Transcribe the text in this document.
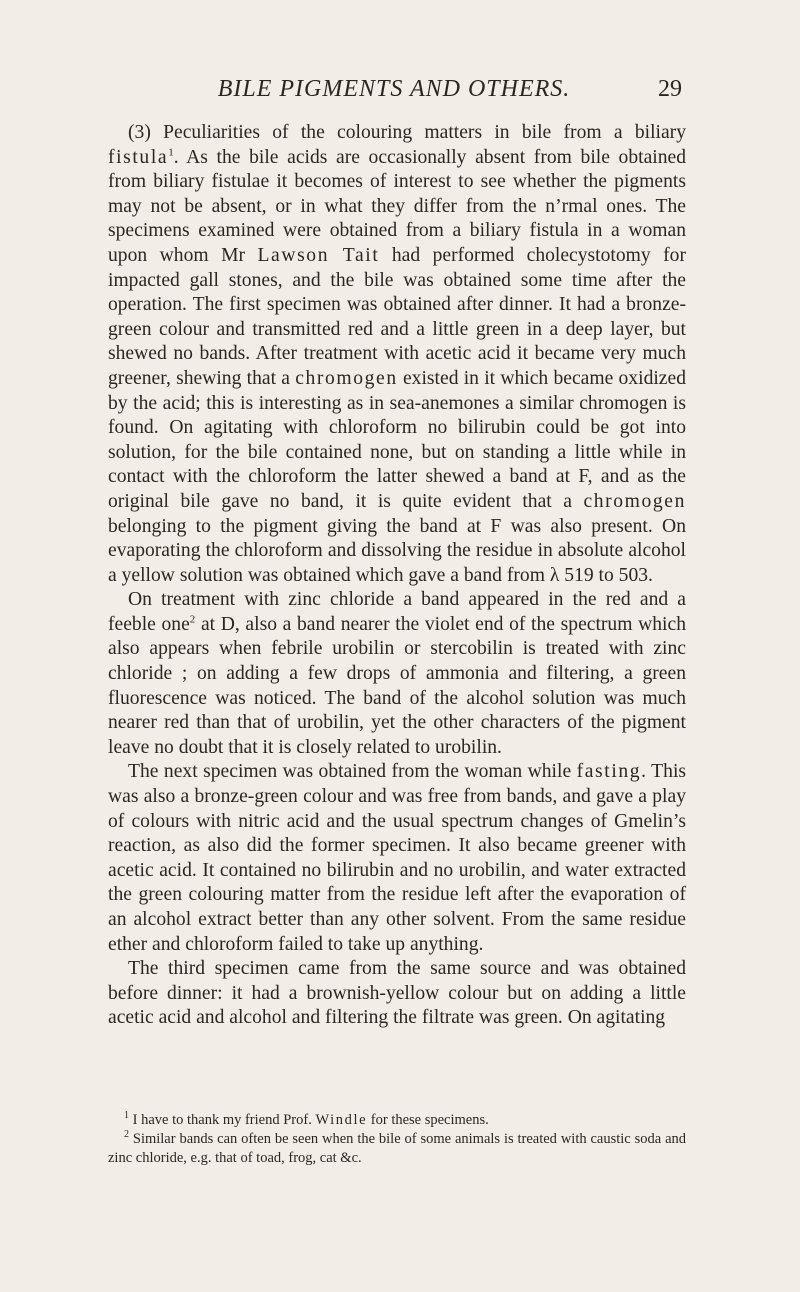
BILE PIGMENTS AND OTHERS.	29

(3) Peculiarities of the colouring matters in bile from a biliary fistula$^1$. As the bile acids are occasionally absent from bile obtained from biliary fistulae it becomes of interest to see whether the pigments may not be absent, or in what they differ from the n’rmal ones. The specimens examined were obtained from a biliary fistula in a woman upon whom Mr Lawson Tait had performed cholecystotomy for impacted gall stones, and the bile was obtained some time after the operation. The first specimen was obtained after dinner. It had a bronze-green colour and transmitted red and a little green in a deep layer, but shewed no bands. After treatment with acetic acid it became very much greener, shewing that a chromogen existed in it which became oxidized by the acid; this is interesting as in sea-anemones a similar chromogen is found. On agitating with chloroform no bilirubin could be got into solution, for the bile contained none, but on standing a little while in contact with the chloroform the latter shewed a band at F, and as the original bile gave no band, it is quite evident that a chromogen belonging to the pigment giving the band at F was also present. On evaporating the chloroform and dissolving the residue in absolute alcohol a yellow solution was obtained which gave a band from λ 519 to 503.

On treatment with zinc chloride a band appeared in the red and a feeble one$^2$ at D, also a band nearer the violet end of the spectrum which also appears when febrile urobilin or stercobilin is treated with zinc chloride ; on adding a few drops of ammonia and filtering, a green fluorescence was noticed. The band of the alcohol solution was much nearer red than that of urobilin, yet the other characters of the pigment leave no doubt that it is closely related to urobilin.

The next specimen was obtained from the woman while fasting. This was also a bronze-green colour and was free from bands, and gave a play of colours with nitric acid and the usual spectrum changes of Gmelin’s reaction, as also did the former specimen. It also became greener with acetic acid. It contained no bilirubin and no urobilin, and water extracted the green colouring matter from the residue left after the evaporation of an alcohol extract better than any other solvent. From the same residue ether and chloroform failed to take up anything.

The third specimen came from the same source and was obtained before dinner: it had a brownish-yellow colour but on adding a little acetic acid and alcohol and filtering the filtrate was green. On agitating

$^1$ I have to thank my friend Prof. Windle for these specimens.

$^2$ Similar bands can often be seen when the bile of some animals is treated with caustic soda and zinc chloride, e.g. that of toad, frog, cat &c.
